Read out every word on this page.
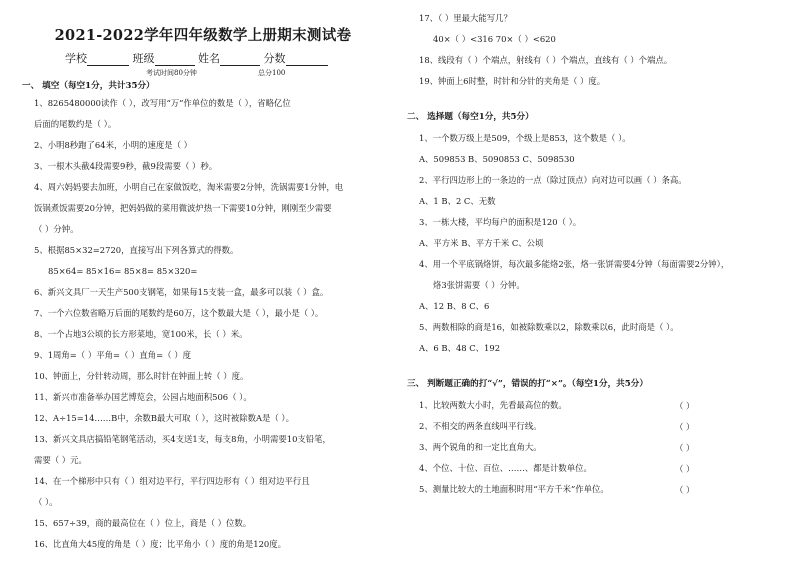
2021-2022学年四年级数学上册期末测试卷
学校	班级	姓名	分数
考试时间80分钟	总分100
一、 填空（每空1分，共计35分）
1、8265480000读作（ ），改写用“万”作单位的数是（ ），省略亿位
后面的尾数约是（ ）。
2、小明8秒跑了64米，小明的速度是（ ）
3、一根木头截4段需要9秒，截9段需要（ ）秒。
4、周六妈妈要去加班，小明自己在家做饭吃，淘米需要2分钟，洗锅需要1分钟，电
饭锅煮饭需要20分钟，把妈妈做的菜用微波炉热一下需要10分钟，刚刚至少需要
（ ）分钟。
5、根据85×32=2720，直接写出下列各算式的得数。
85×64= 85×16= 85×8= 85×320=
6、新兴文具厂一天生产500支钢笔，如果每15支装一盒，最多可以装（ ）盒。
7、一个六位数省略万后面的尾数约是60万，这个数最大是（ ），最小是（ ）。
8、一个占地3公顷的长方形菜地，宽100米，长（ ）米。
9、1周角=（ ）平角=（ ）直角=（ ）度
10、钟面上，分针转动周，那么时针在钟面上转（ ）度。
11、新兴市准备举办国艺博览会，公园占地面积506（ ）。
12、A÷15=14……B中，余数B最大可取（ ），这时被除数A是（ ）。
13、新兴文具店搞铅笔钢笔活动，买4支送1支，每支8角，小明需要10支铅笔，
需要（ ）元。
14、在一个梯形中只有（ ）组对边平行，平行四边形有（ ）组对边平行且
（ ）。
15、657÷39，商的最高位在（ ）位上，商是（ ）位数。
16、比直角大45度的角是（ ）度；比平角小（ ）度的角是120度。
17、（ ）里最大能写几？
40×（ ）<316 70×（ ）<620
18、线段有（ ）个端点，射线有（ ）个端点，直线有（ ）个端点。
19、钟面上6时整，时针和分针的夹角是（ ）度。
二、 选择题（每空1分，共5分）
1、一个数万级上是509，个级上是853，这个数是（ ）。
A、509853 B、5090853 C、5098530
2、平行四边形上的一条边的一点（除过顶点）向对边可以画（ ）条高。
A、1 B、2 C、无数
3、一栋大楼，平均每户的面积是120（ ）。
A、平方米 B、平方千米 C、公顷
4、用一个平底锅烙饼，每次最多能烙2张，烙一张饼需要4分钟（每面需要2分钟），
烙3张饼需要（ ）分钟。
A、12 B、8 C、6
5、两数相除的商是16，如被除数乘以2，除数乘以6，此时商是（ ）。
A、6 B、48 C、192
三、 判断题正确的打“√”，错误的打“×”。（每空1分，共5分）
1、比较两数大小时，先看最高位的数。	（ ）
2、不相交的两条直线叫平行线。	（ ）
3、两个锐角的和一定比直角大。	（ ）
4、个位、十位、百位、……、都是计数单位。	（ ）
5、测量比较大的土地面积时用“平方千米”作单位。	（ ）
